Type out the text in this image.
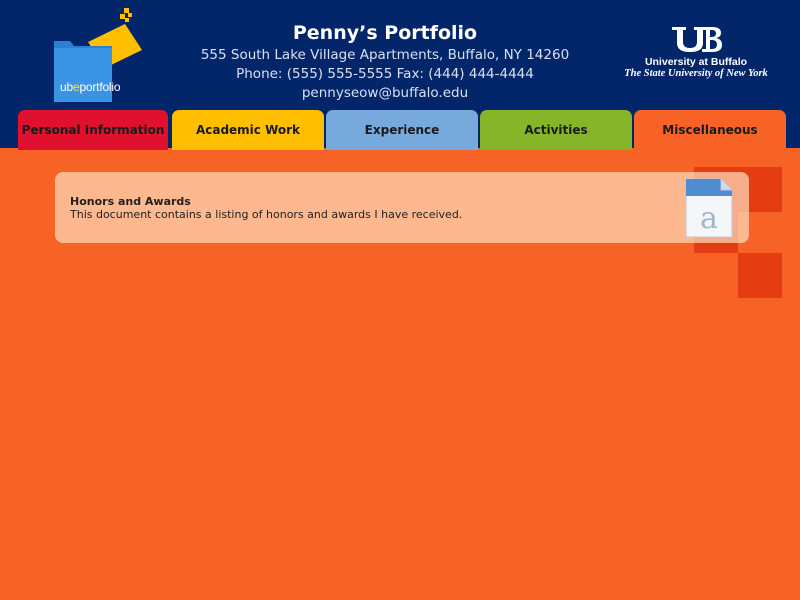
ubeportfolio
Penny’s Portfolio
555 South Lake Village Apartments, Buffalo, NY 14260
Phone: (555) 555-5555 Fax: (444) 444-4444
pennyseow@buffalo.edu
University at Buffalo
The State University of New York
Personal Information	Academic Work	Experience	Activities	Miscellaneous
Honors and Awards
This document contains a listing of honors and awards I have received.	a
